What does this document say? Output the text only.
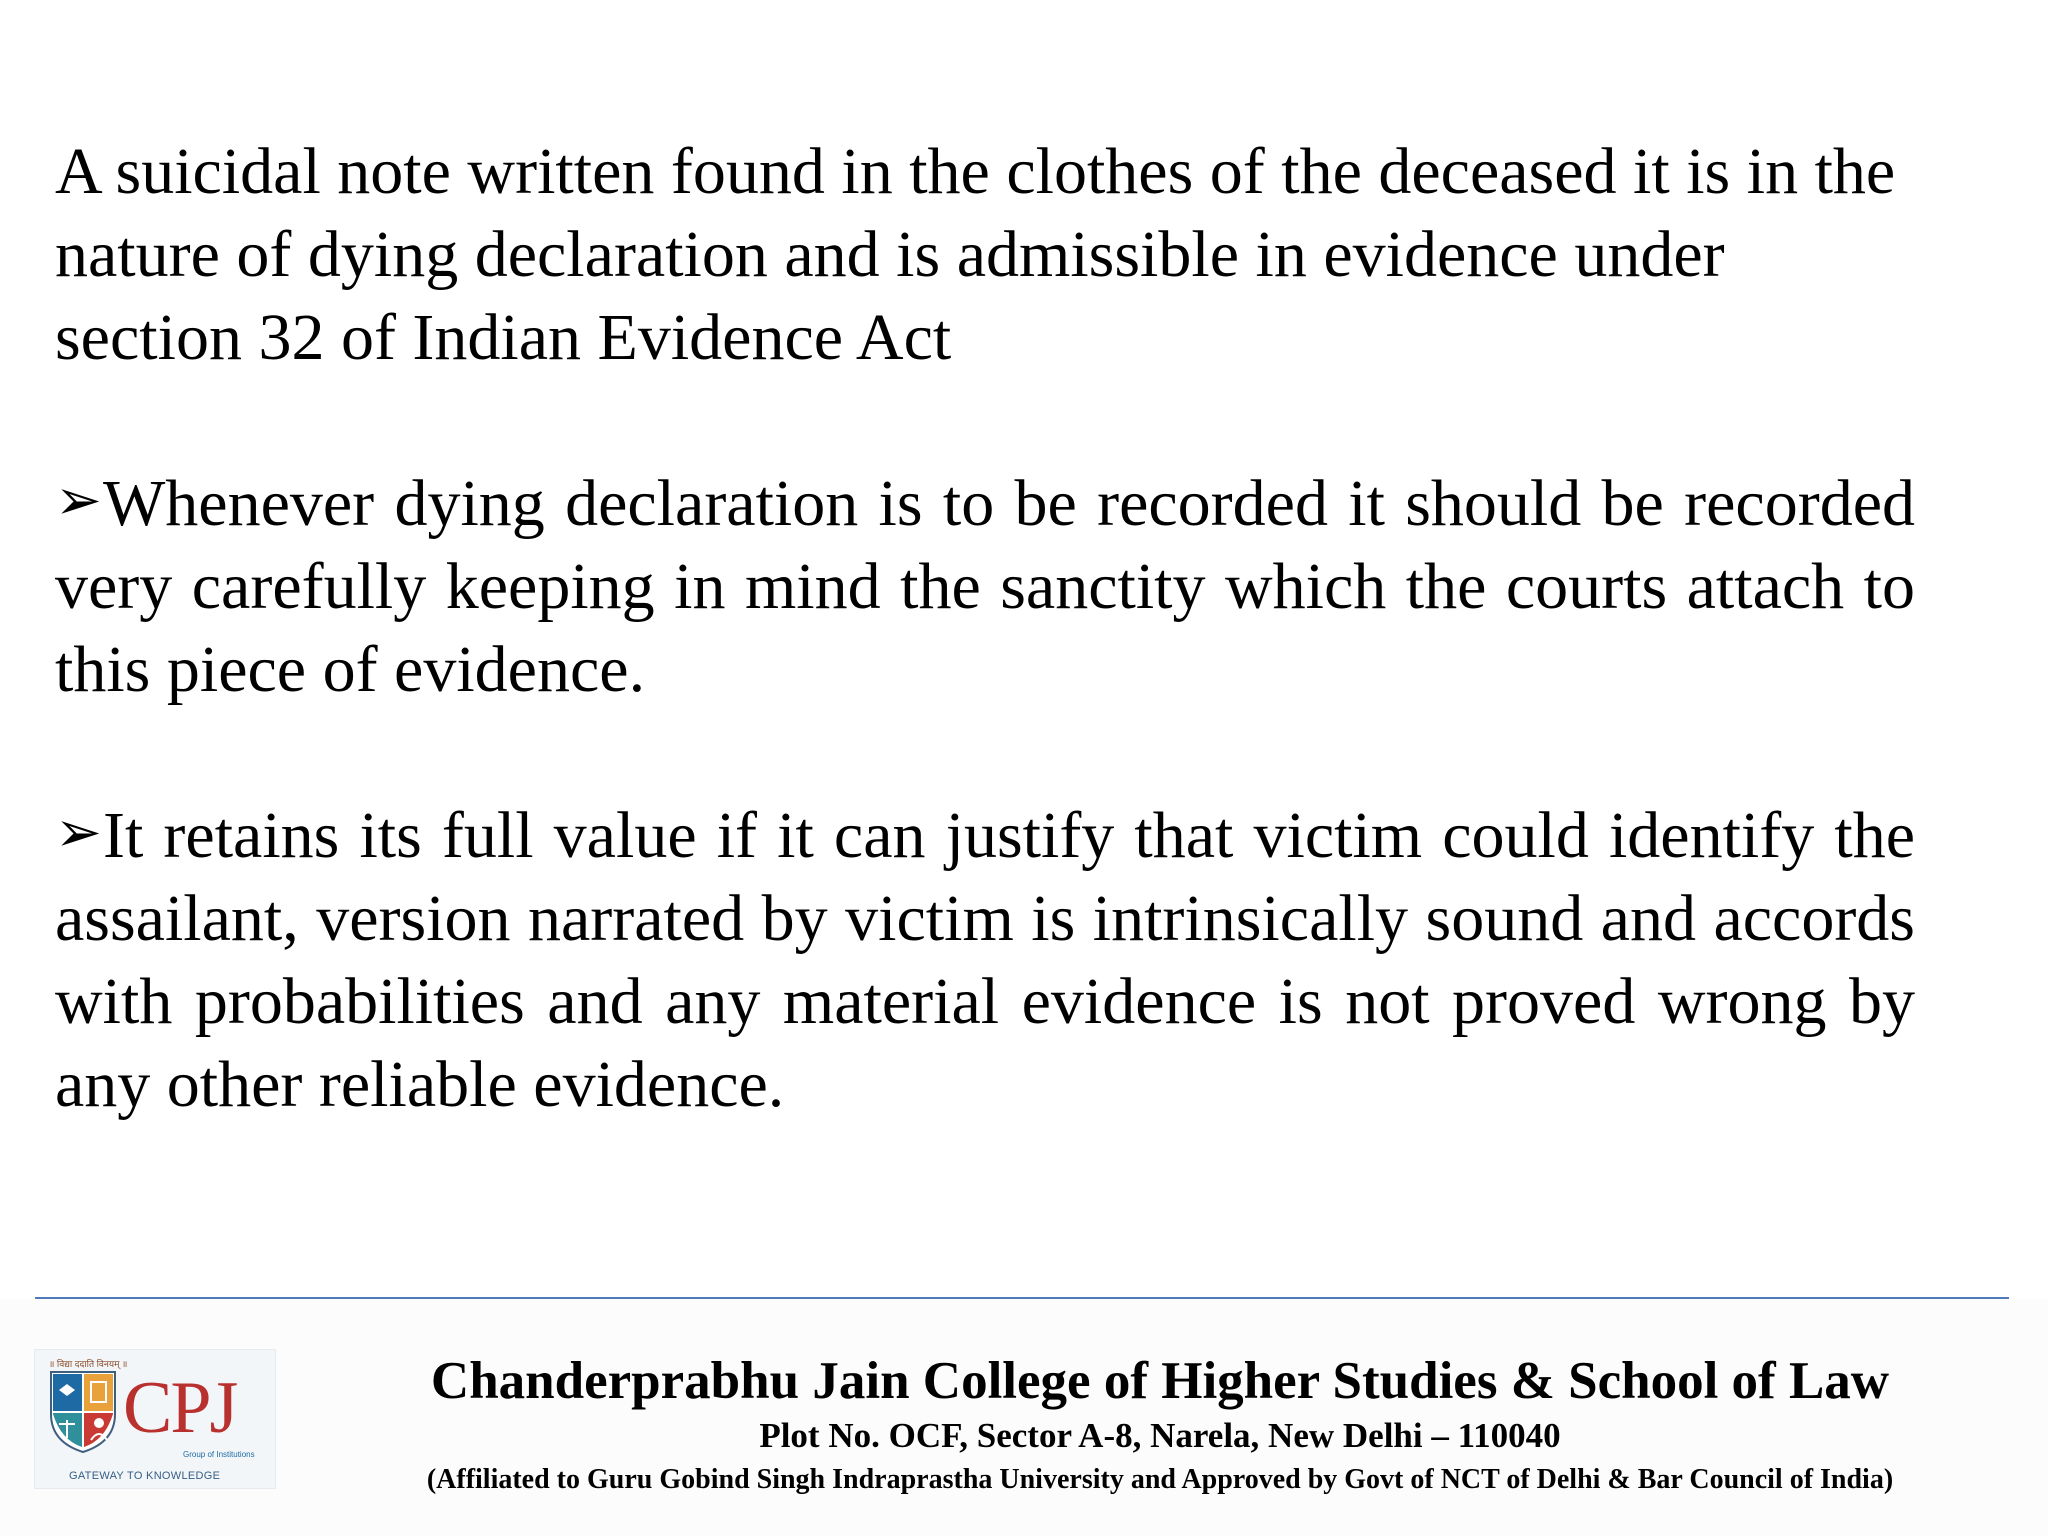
A suicidal note written found in the clothes of the deceased it is in the nature of dying declaration and is admissible in evidence under section 32 of Indian Evidence Act

➢Whenever dying declaration is to be recorded it should be recorded very carefully keeping in mind the sanctity which the courts attach to this piece of evidence.

➢It retains its full value if it can justify that victim could identify the assailant, version narrated by victim is intrinsically sound and accords with probabilities and any material evidence is not proved wrong by any other reliable evidence.

॥ विद्या ददाति विनयम् ॥
CPJ
Group of Institutions
GATEWAY TO KNOWLEDGE
Chanderprabhu Jain College of Higher Studies & School of Law
Plot No. OCF, Sector A-8, Narela, New Delhi – 110040
(Affiliated to Guru Gobind Singh Indraprastha University and Approved by Govt of NCT of Delhi & Bar Council of India)
